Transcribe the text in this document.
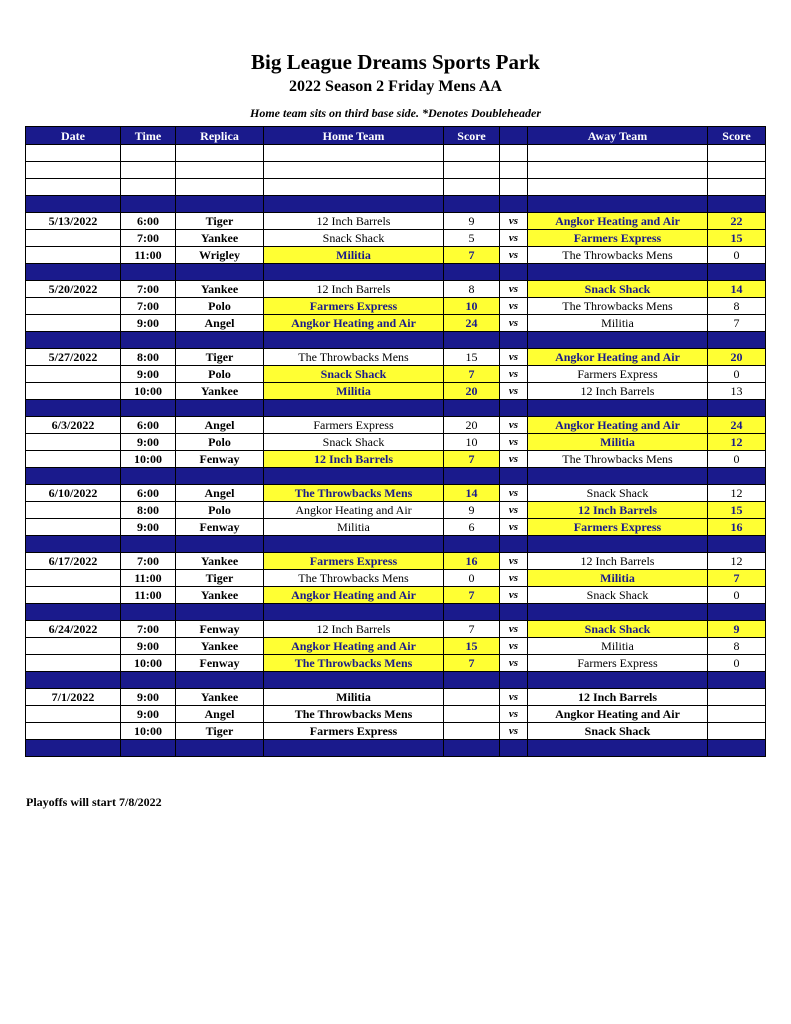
Big League Dreams Sports Park
2022 Season 2 Friday Mens AA
Home team sits on third base side. *Denotes Doubleheader
Date	Time	Replica	Home Team	Score		Away Team	Score

5/13/2022	6:00	Tiger	12 Inch Barrels	9	vs	Angkor Heating and Air	22
	7:00	Yankee	Snack Shack	5	vs	Farmers Express	15
	11:00	Wrigley	Militia	7	vs	The Throwbacks Mens	0

5/20/2022	7:00	Yankee	12 Inch Barrels	8	vs	Snack Shack	14
	7:00	Polo	Farmers Express	10	vs	The Throwbacks Mens	8
	9:00	Angel	Angkor Heating and Air	24	vs	Militia	7

5/27/2022	8:00	Tiger	The Throwbacks Mens	15	vs	Angkor Heating and Air	20
	9:00	Polo	Snack Shack	7	vs	Farmers Express	0
	10:00	Yankee	Militia	20	vs	12 Inch Barrels	13

6/3/2022	6:00	Angel	Farmers Express	20	vs	Angkor Heating and Air	24
	9:00	Polo	Snack Shack	10	vs	Militia	12
	10:00	Fenway	12 Inch Barrels	7	vs	The Throwbacks Mens	0

6/10/2022	6:00	Angel	The Throwbacks Mens	14	vs	Snack Shack	12
	8:00	Polo	Angkor Heating and Air	9	vs	12 Inch Barrels	15
	9:00	Fenway	Militia	6	vs	Farmers Express	16

6/17/2022	7:00	Yankee	Farmers Express	16	vs	12 Inch Barrels	12
	11:00	Tiger	The Throwbacks Mens	0	vs	Militia	7
	11:00	Yankee	Angkor Heating and Air	7	vs	Snack Shack	0

6/24/2022	7:00	Fenway	12 Inch Barrels	7	vs	Snack Shack	9
	9:00	Yankee	Angkor Heating and Air	15	vs	Militia	8
	10:00	Fenway	The Throwbacks Mens	7	vs	Farmers Express	0

7/1/2022	9:00	Yankee	Militia		vs	12 Inch Barrels	
	9:00	Angel	The Throwbacks Mens		vs	Angkor Heating and Air	
	10:00	Tiger	Farmers Express		vs	Snack Shack	

Playoffs will start 7/8/2022
